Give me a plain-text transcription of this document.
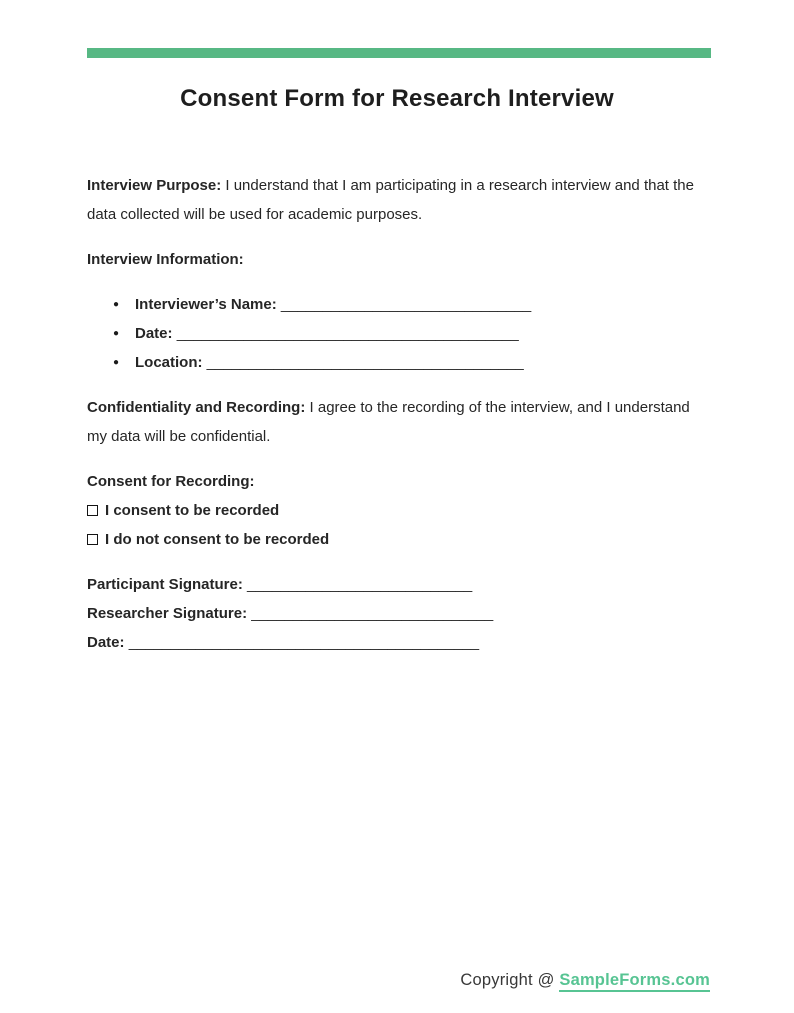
Consent Form for Research Interview

Interview Purpose: I understand that I am participating in a research interview and that the data collected will be used for academic purposes.

Interview Information:

● Interviewer’s Name: ______________________________
● Date: _________________________________________
● Location: ______________________________________

Confidentiality and Recording: I agree to the recording of the interview, and I understand my data will be confidential.

Consent for Recording:
I consent to be recorded
I do not consent to be recorded
Participant Signature: ___________________________
Researcher Signature: _____________________________
Date: __________________________________________
Copyright @ SampleForms.com
